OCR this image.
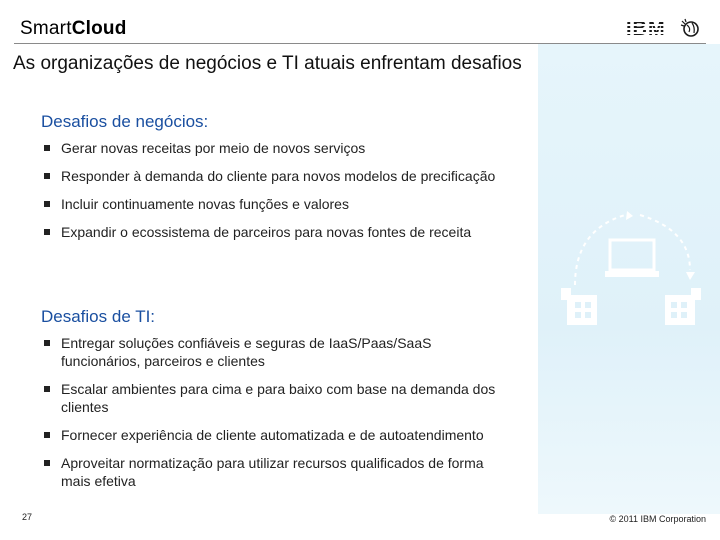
SmartCloud	IBM
As organizações de negócios e TI atuais enfrentam desafios
Desafios de negócios:
Gerar novas receitas por meio de novos serviços
Responder à demanda do cliente para novos modelos de precificação
Incluir continuamente novas funções e valores
Expandir o ecossistema de parceiros para novas fontes de receita
Desafios de TI:
Entregar soluções confiáveis e seguras de IaaS/Paas/SaaS funcionários, parceiros e clientes
Escalar ambientes para cima e para baixo com base na demanda dos clientes
Fornecer experiência de cliente automatizada e de autoatendimento
Aproveitar normatização para utilizar recursos qualificados de forma mais efetiva
27	© 2011 IBM Corporation
